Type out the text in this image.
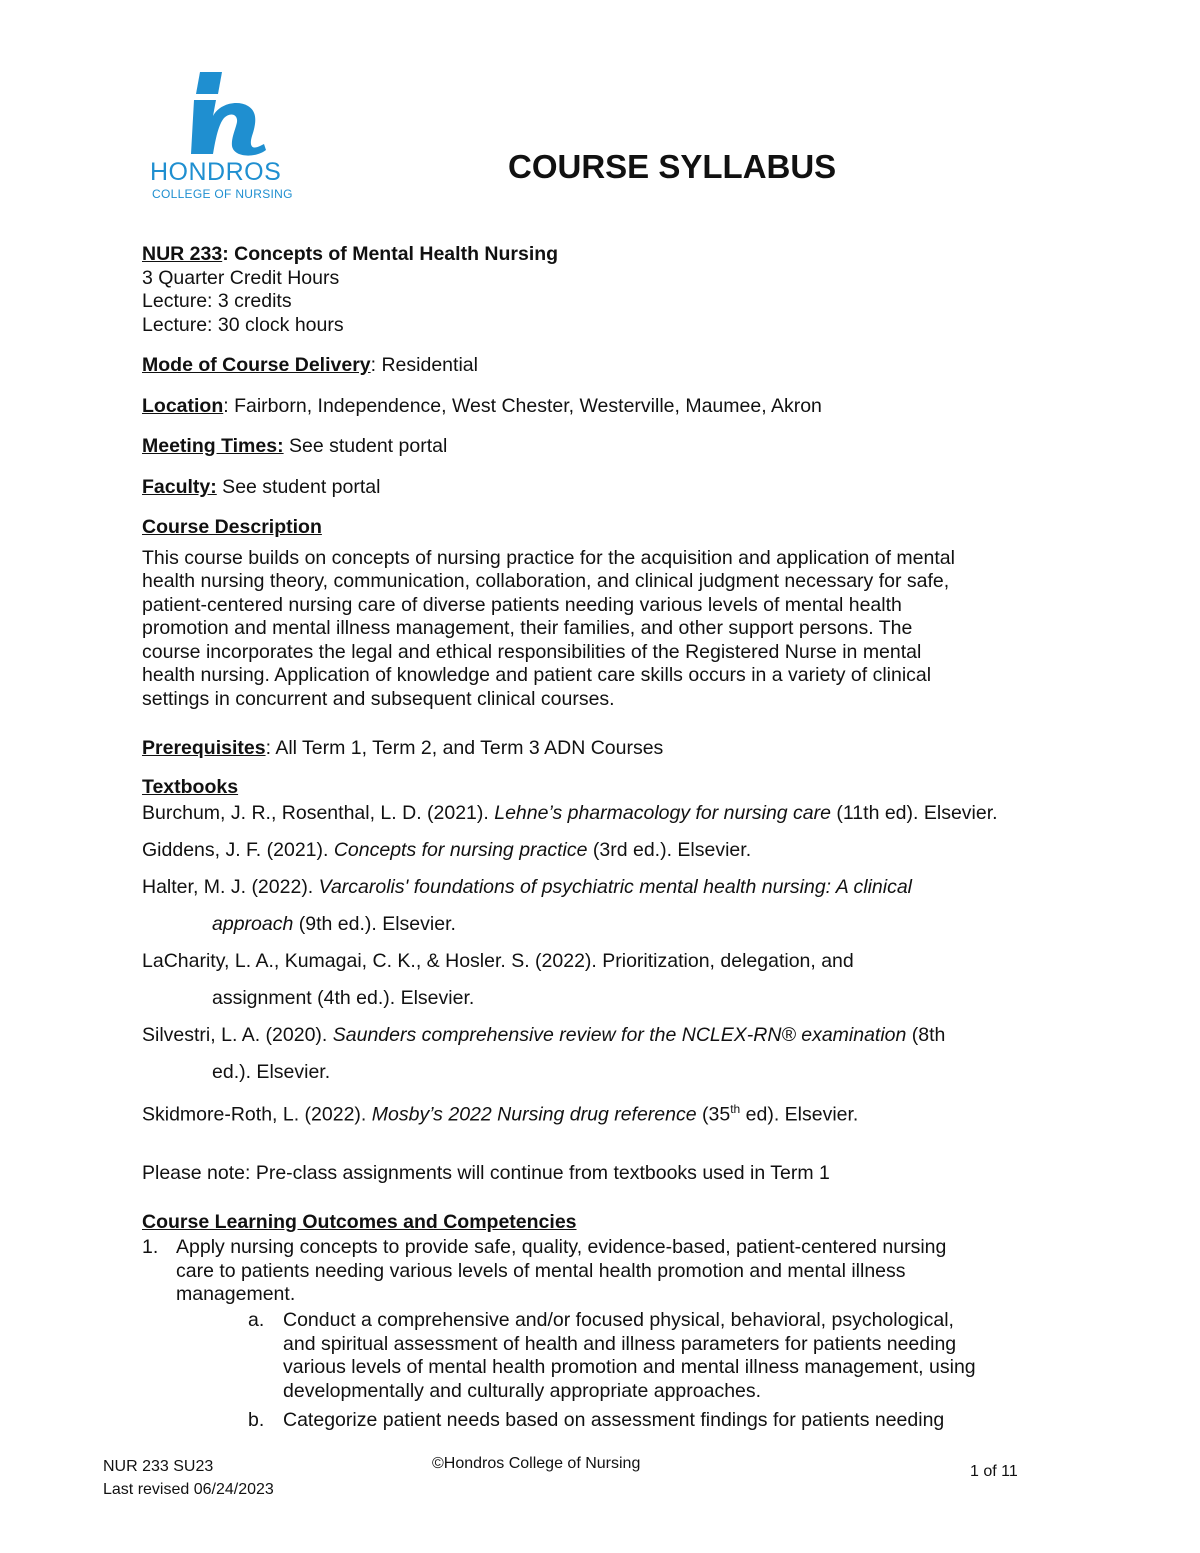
HONDROS
COLLEGE OF NURSING
COURSE SYLLABUS
NUR 233: Concepts of Mental Health Nursing
3 Quarter Credit Hours
Lecture: 3 credits
Lecture: 30 clock hours
Mode of Course Delivery: Residential
Location: Fairborn, Independence, West Chester, Westerville, Maumee, Akron
Meeting Times: See student portal
Faculty: See student portal
Course Description
This course builds on concepts of nursing practice for the acquisition and application of mental
health nursing theory, communication, collaboration, and clinical judgment necessary for safe,
patient-centered nursing care of diverse patients needing various levels of mental health
promotion and mental illness management, their families, and other support persons. The
course incorporates the legal and ethical responsibilities of the Registered Nurse in mental
health nursing. Application of knowledge and patient care skills occurs in a variety of clinical
settings in concurrent and subsequent clinical courses.
Prerequisites: All Term 1, Term 2, and Term 3 ADN Courses
Textbooks
Burchum, J. R., Rosenthal, L. D. (2021). Lehne’s pharmacology for nursing care (11th ed). Elsevier.
Giddens, J. F. (2021). Concepts for nursing practice (3rd ed.). Elsevier.
Halter, M. J. (2022). Varcarolis' foundations of psychiatric mental health nursing: A clinical
approach (9th ed.). Elsevier.
LaCharity, L. A., Kumagai, C. K., & Hosler. S. (2022). Prioritization, delegation, and
assignment (4th ed.). Elsevier.
Silvestri, L. A. (2020). Saunders comprehensive review for the NCLEX-RN® examination (8th
ed.). Elsevier.
Skidmore-Roth, L. (2022). Mosby’s 2022 Nursing drug reference (35th ed). Elsevier.
Please note: Pre-class assignments will continue from textbooks used in Term 1
Course Learning Outcomes and Competencies
1. Apply nursing concepts to provide safe, quality, evidence-based, patient-centered nursing
care to patients needing various levels of mental health promotion and mental illness
management.
a. Conduct a comprehensive and/or focused physical, behavioral, psychological,
and spiritual assessment of health and illness parameters for patients needing
various levels of mental health promotion and mental illness management, using
developmentally and culturally appropriate approaches.
b. Categorize patient needs based on assessment findings for patients needing
NUR 233 SU23
Last revised 06/24/2023
©Hondros College of Nursing	1 of 11
